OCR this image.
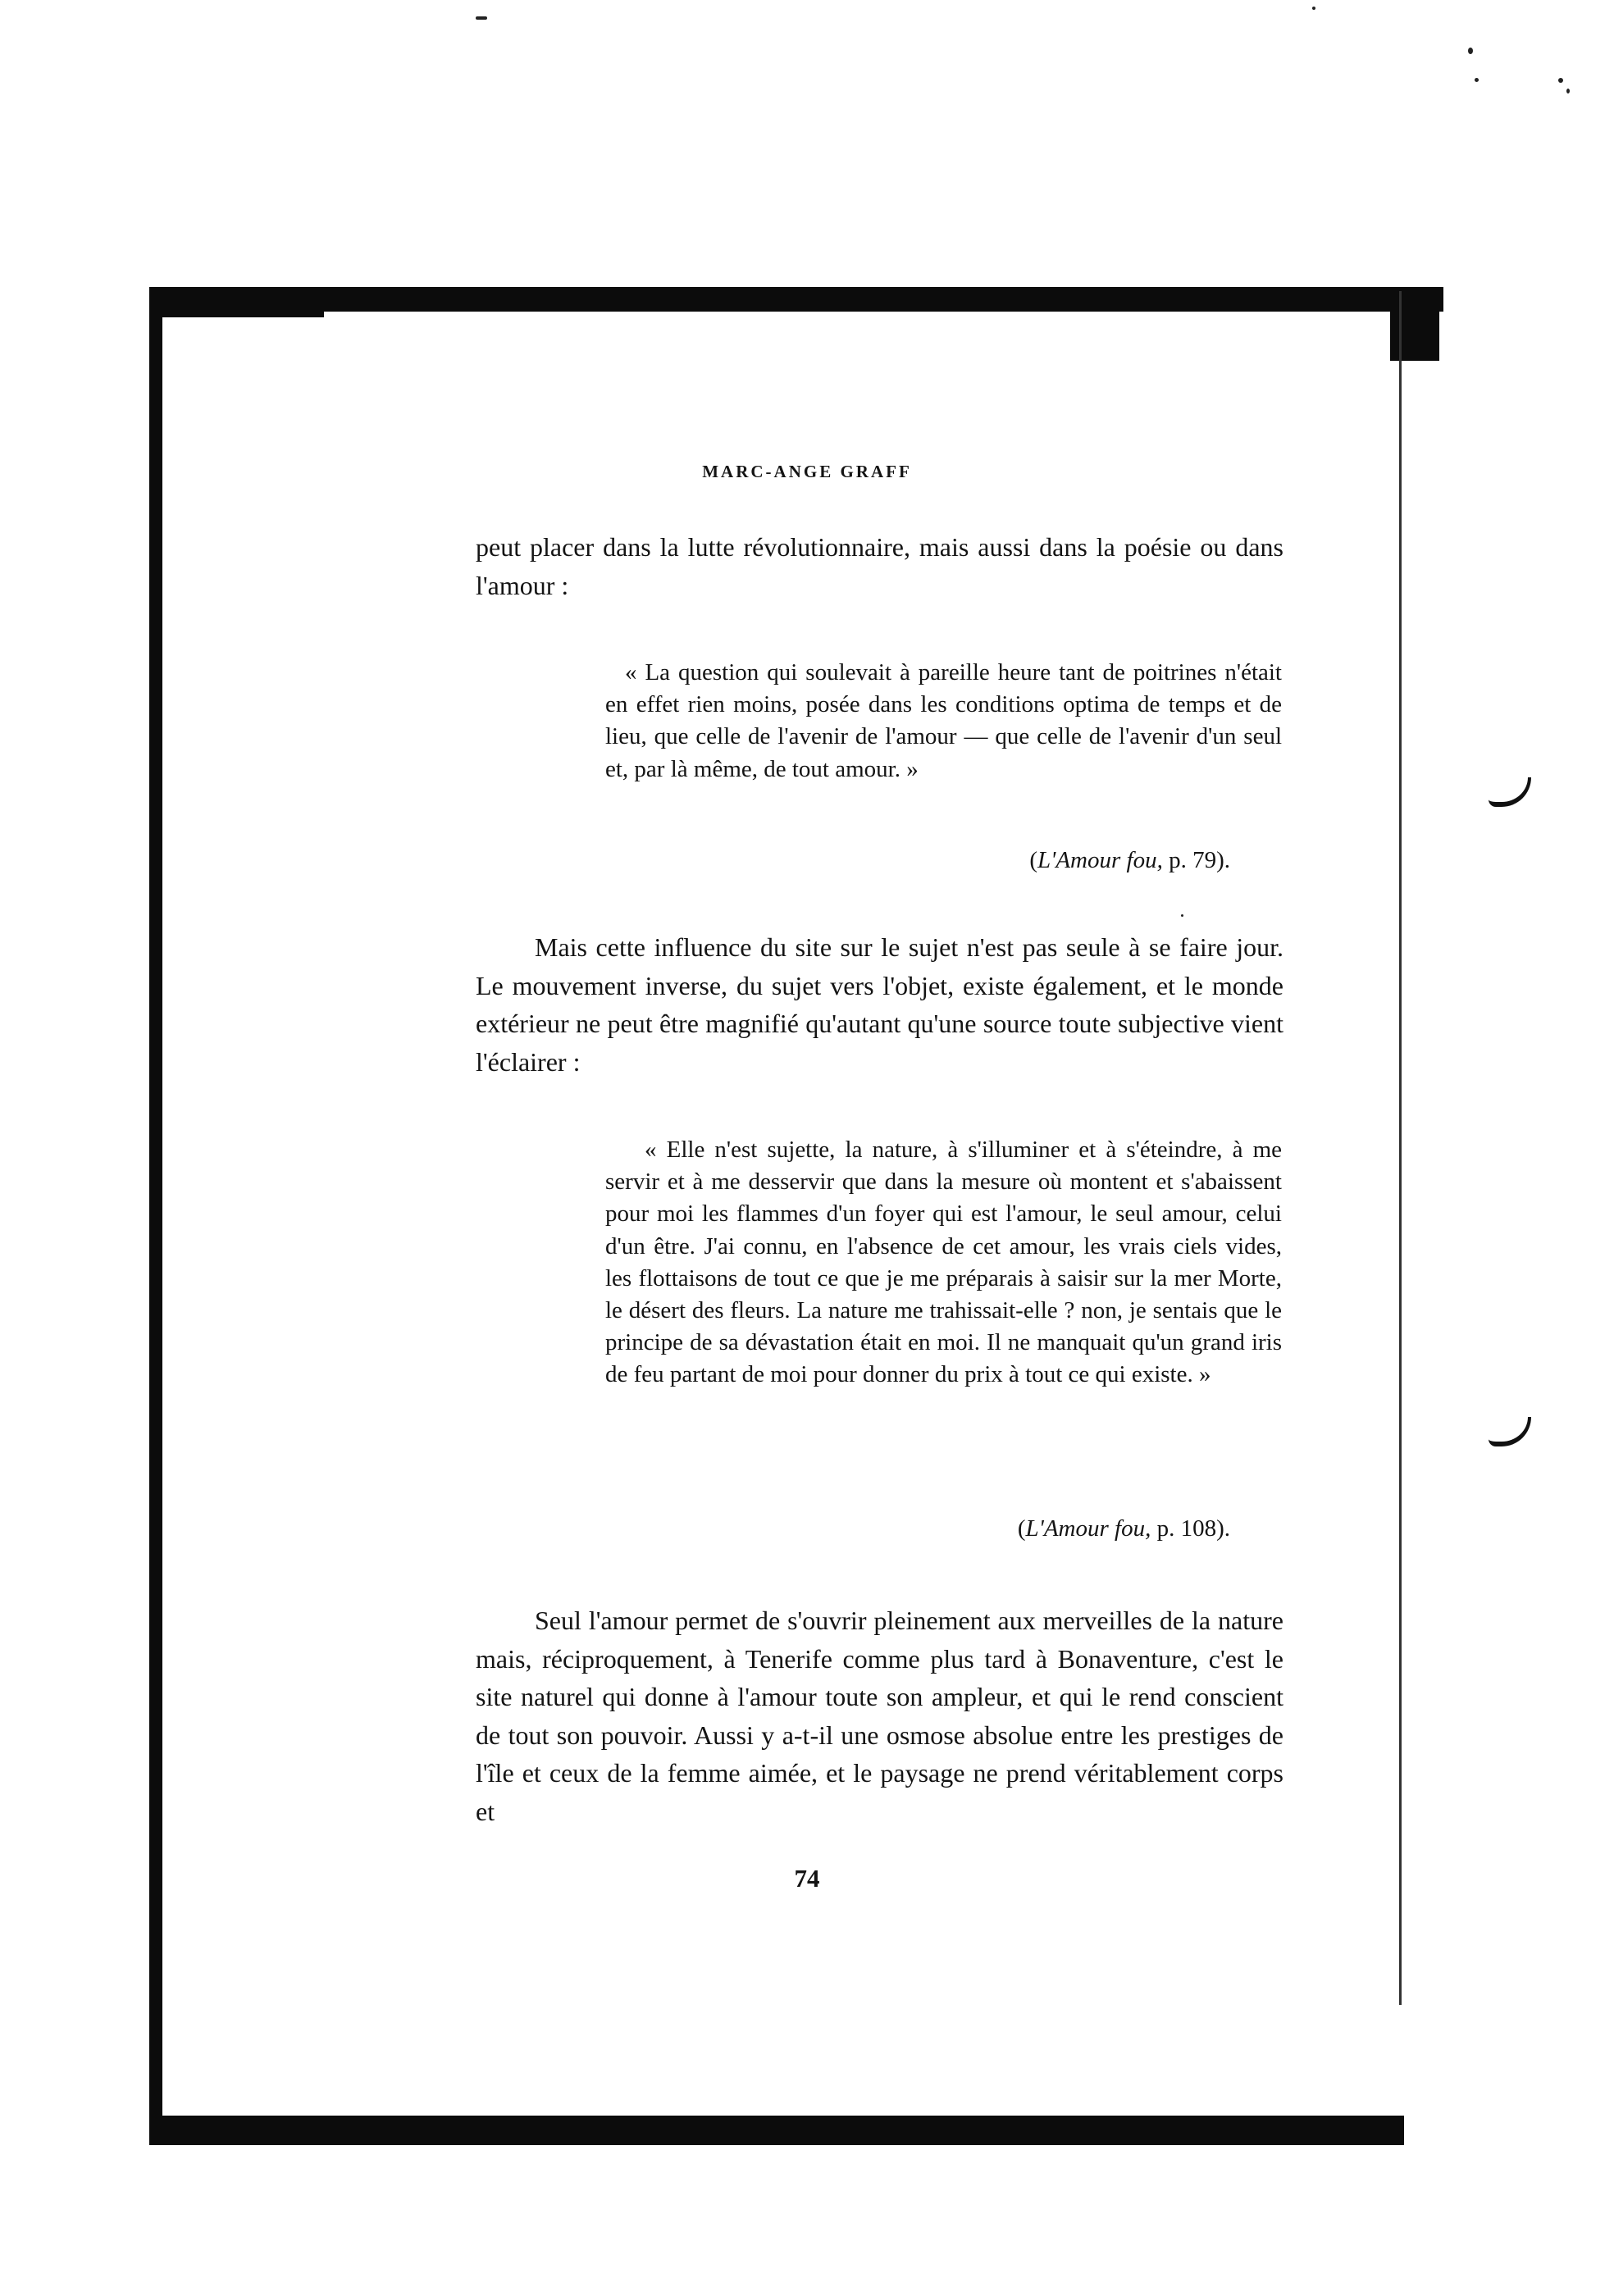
MARC-ANGE GRAFF

peut placer dans la lutte révolutionnaire, mais aussi dans la poésie ou dans l'amour :

« La question qui soulevait à pareille heure tant de poitrines n'était en effet rien moins, posée dans les conditions optima de temps et de lieu, que celle de l'avenir de l'amour — que celle de l'avenir d'un seul et, par là même, de tout amour. »

(L'Amour fou, p. 79).

Mais cette influence du site sur le sujet n'est pas seule à se faire jour. Le mouvement inverse, du sujet vers l'objet, existe également, et le monde extérieur ne peut être magnifié qu'autant qu'une source toute subjective vient l'éclairer :

« Elle n'est sujette, la nature, à s'illuminer et à s'éteindre, à me servir et à me desservir que dans la mesure où montent et s'abaissent pour moi les flammes d'un foyer qui est l'amour, le seul amour, celui d'un être. J'ai connu, en l'absence de cet amour, les vrais ciels vides, les flottaisons de tout ce que je me préparais à saisir sur la mer Morte, le désert des fleurs. La nature me trahissait-elle ? non, je sentais que le principe de sa dévastation était en moi. Il ne manquait qu'un grand iris de feu partant de moi pour donner du prix à tout ce qui existe. »

(L'Amour fou, p. 108).

Seul l'amour permet de s'ouvrir pleinement aux merveilles de la nature mais, réciproquement, à Tenerife comme plus tard à Bonaventure, c'est le site naturel qui donne à l'amour toute son ampleur, et qui le rend conscient de tout son pouvoir. Aussi y a-t-il une osmose absolue entre les prestiges de l'île et ceux de la femme aimée, et le paysage ne prend véritablement corps et

74
